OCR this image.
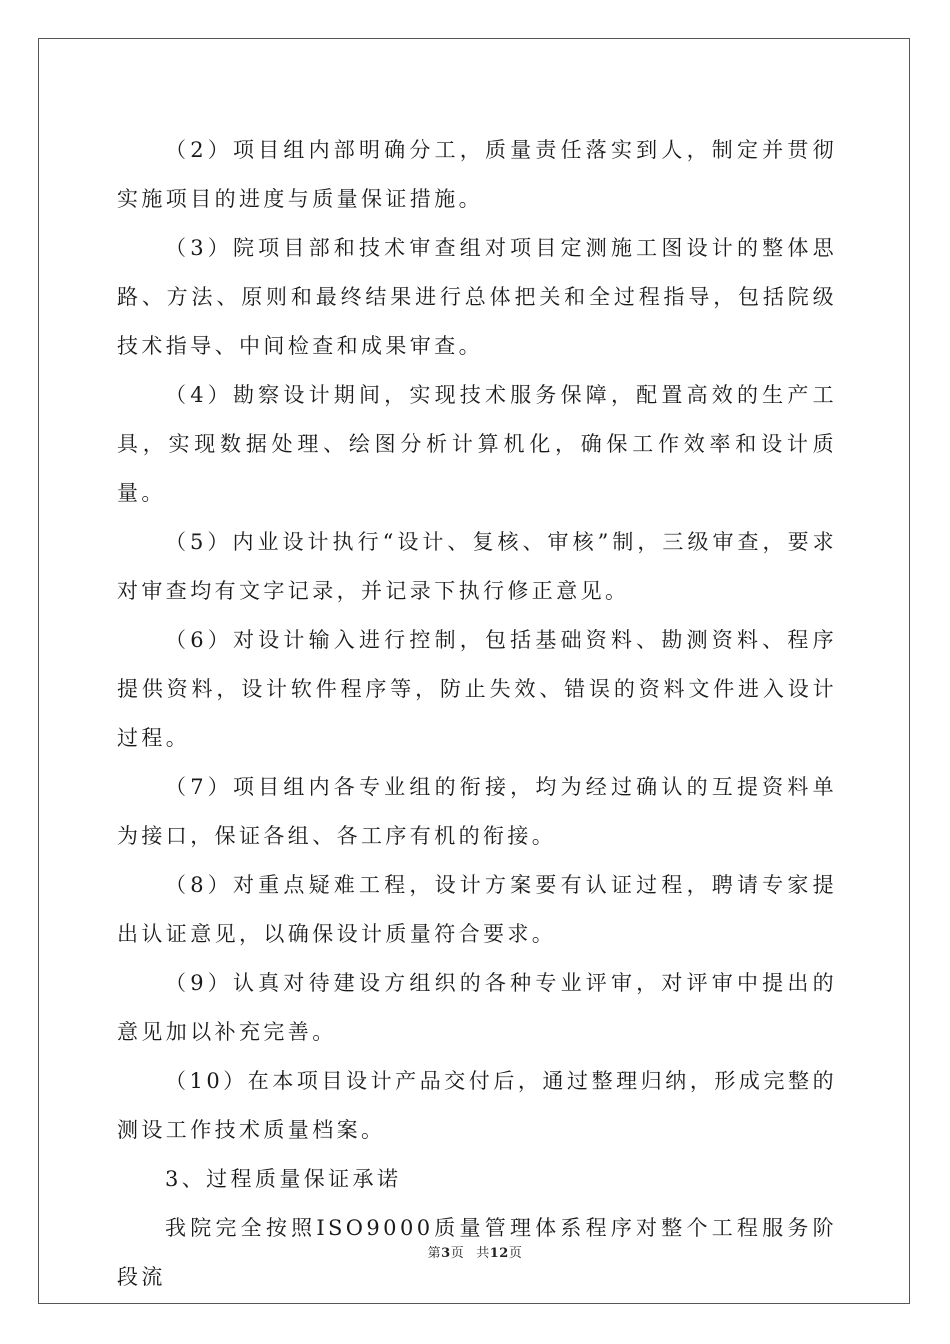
（2）项目组内部明确分工，质量责任落实到人，制定并贯彻实施项目的进度与质量保证措施。

（3）院项目部和技术审查组对项目定测施工图设计的整体思路、方法、原则和最终结果进行总体把关和全过程指导，包括院级技术指导、中间检查和成果审查。

（4）勘察设计期间，实现技术服务保障，配置高效的生产工具，实现数据处理、绘图分析计算机化，确保工作效率和设计质量。

（5）内业设计执行“设计、复核、审核”制，三级审查，要求对审查均有文字记录，并记录下执行修正意见。

（6）对设计输入进行控制，包括基础资料、勘测资料、程序提供资料，设计软件程序等，防止失效、错误的资料文件进入设计过程。

（7）项目组内各专业组的衔接，均为经过确认的互提资料单为接口，保证各组、各工序有机的衔接。

（8）对重点疑难工程，设计方案要有认证过程，聘请专家提出认证意见，以确保设计质量符合要求。

（9）认真对待建设方组织的各种专业评审，对评审中提出的意见加以补充完善。

（10）在本项目设计产品交付后，通过整理归纳，形成完整的测设工作技术质量档案。

3、过程质量保证承诺

我院完全按照ISO9000质量管理体系程序对整个工程服务阶段流

第3页 共12页
